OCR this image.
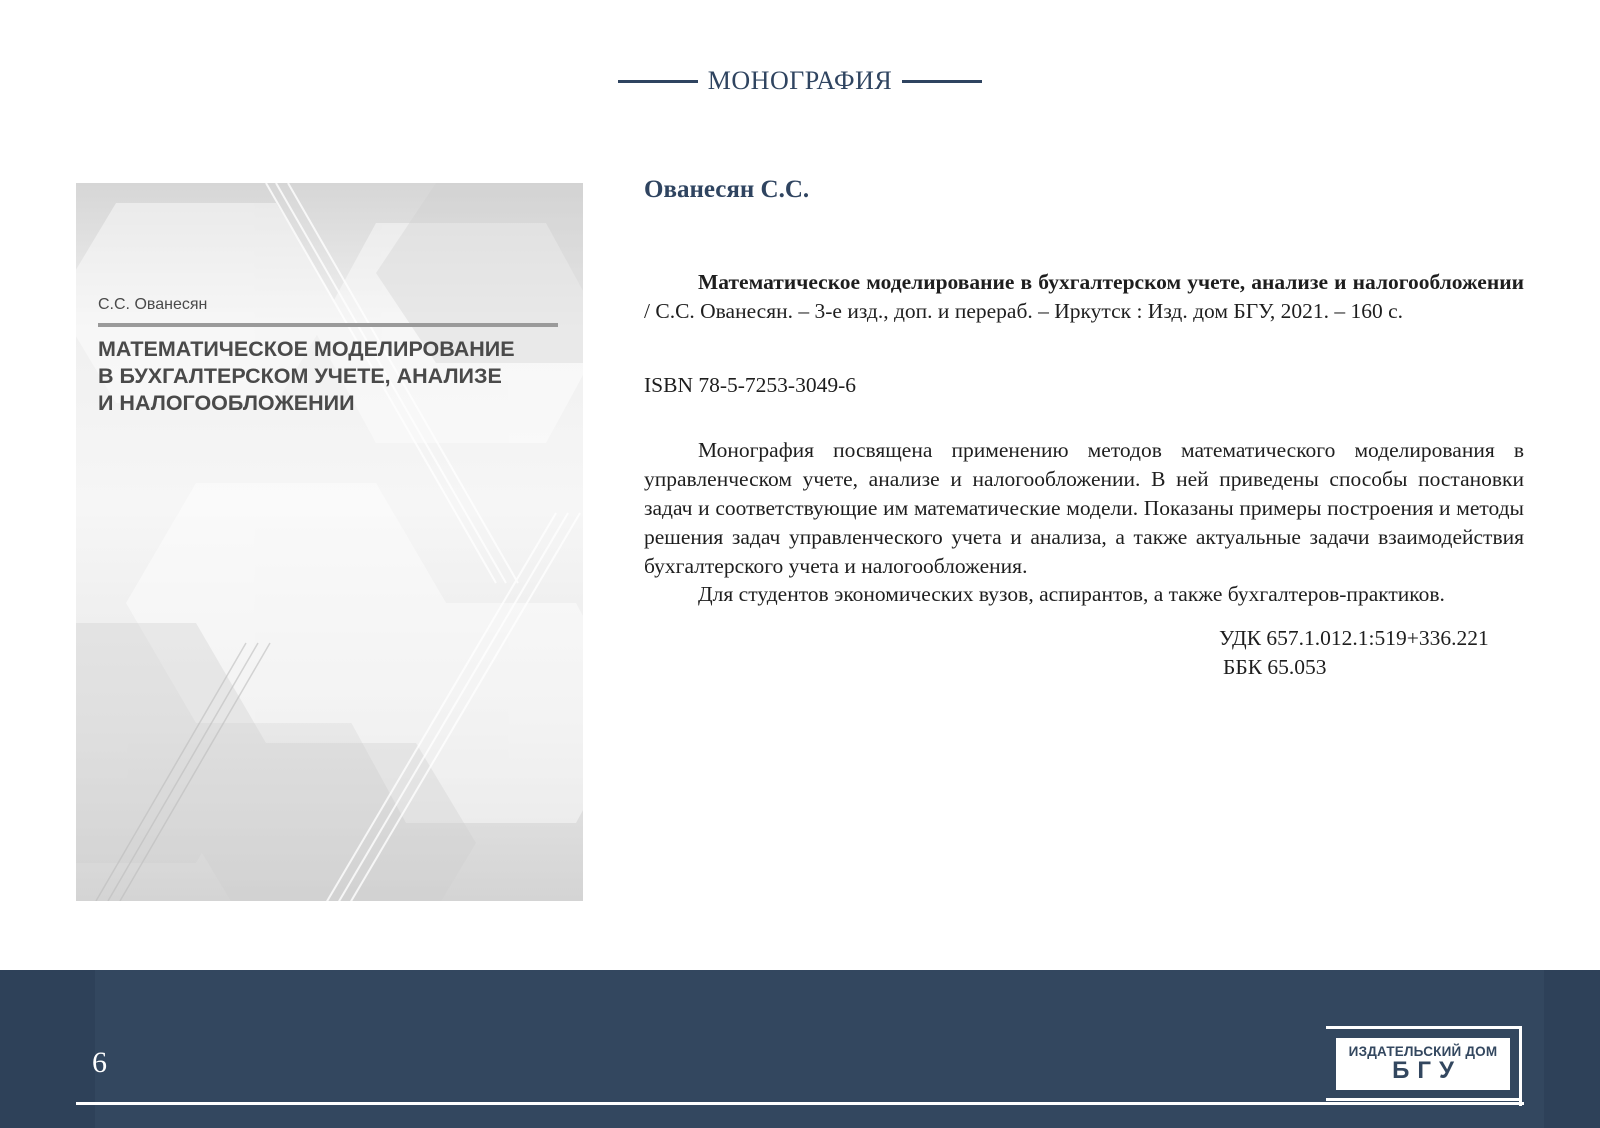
МОНОГРАФИЯ
С.С. Ованесян
МАТЕМАТИЧЕСКОЕ МОДЕЛИРОВАНИЕ
В БУХГАЛТЕРСКОМ УЧЕТЕ, АНАЛИЗЕ
И НАЛОГООБЛОЖЕНИИ
Ованесян С.С.
Математическое моделирование в бухгалтерском учете, анализе и налогообложении / С.С. Ованесян. – 3-е изд., доп. и перераб. – Иркутск : Изд. дом БГУ, 2021. – 160 с.
ISBN 78-5-7253-3049-6
Монография посвящена применению методов математического моделирования в управленческом учете, анализе и налогообложении. В ней приведены способы постановки задач и соответствующие им математические модели. Показаны примеры построения и методы решения задач управленческого учета и анализа, а также актуальные задачи взаимодействия бухгалтерского учета и налогообложения.
Для студентов экономических вузов, аспирантов, а также бухгалтеров-практиков.
УДК 657.1.012.1:519+336.221
ББК 65.053
6	ИЗДАТЕЛЬСКИЙ ДОМ
БГУ
